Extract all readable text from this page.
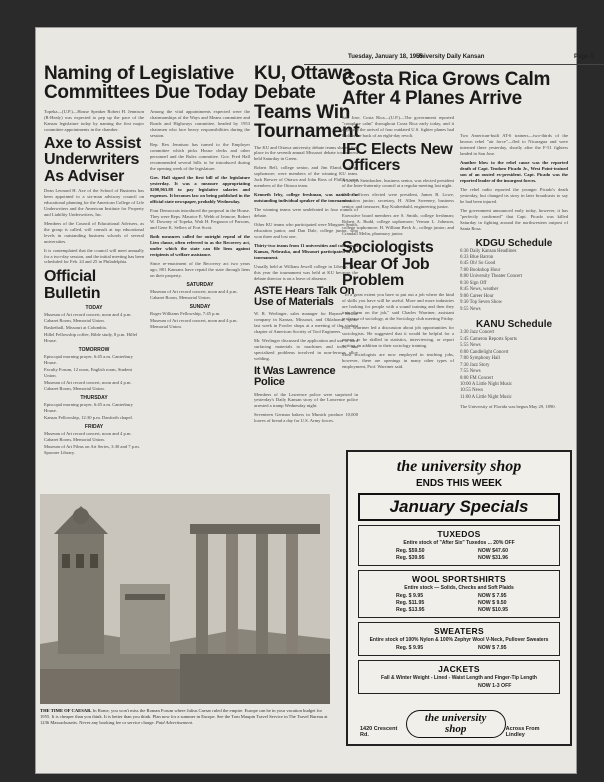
Tuesday, January 18, 1955
University Daily Kansan	Page 3
Naming of Legislative Committees Due Today

Topeka—(U.P.)—House Speaker Robert H. Jennison (R-Healy) was expected to pep up the pace of the Kansas legislature today by naming the first major committee appointments in the chamber.

Axe to Assist Underwriters As Adviser

Dean Leonard H. Axe of the School of Business has been appointed to a six-man advisory council on educational planning for the American College of Life Underwriters and the American Institute for Property and Liability Underwriters, Inc.

Members of the Council of Educational Advisers, as the group is called, will consult at top educational levels in outstanding business schools of several universities.

It is contemplated that the council will meet annually for a two-day session, and the initial meeting has been scheduled for Feb. 24 and 25 in Philadelphia.

Official Bulletin
TODAY
Museum of Art record concert, noon and 4 p.m. Cabaret Room, Memorial Union.
Basketball, Missouri at Columbia.
Hillel Fellowship coffee, Bible study, 8 p.m. Hillel House.
TOMORROW
Episcopal morning prayer, 6:45 a.m. Canterbury House.
Faculty Forum, 12 noon, English room, Student Union.
Museum of Art record concert, noon and 4 p.m. Cabaret Room, Memorial Union.
THURSDAY
Episcopal morning prayer, 6:45 a.m. Canterbury House.
Kansas Fellowship, 12:30 p.m. Danforth chapel.
FRIDAY
Museum of Art record concert, noon and 4 p.m. Cabaret Room, Memorial Union.
Museum of Art Films on Art Series, 3:30 and 7 p.m. Spooner Library.

Among the vital appointments expected were the chairmanships of the Ways and Means committee and Roads and Highways committee, headed by 1953 chairmen who face heavy responsibilities during the session.

Rep. Rex Jennison has turned to the Employer committee which picks House clerks and other personnel and the Rules committee. Gov. Fred Hall recommended several bills to be introduced during the opening week of the legislature.

Gov. Hall signed the first bill of the legislature yesterday. It was a measure appropriating $200,963.88 to pay legislative salaries and expenses. It becomes law on being published in the official state newspaper, probably Wednesday.

Four Democrats introduced the proposal in the House. They were Reps. Maurice E. Webb of Jetmore, Robert W. Downey of Topeka, Walt H. Ferguson of Parsons, and Gene K. Sellers of Fort Scott.

Both measures called for outright repeal of the Lien clause, often referred to as the Recovery act, under which the state can file liens against recipients of welfare assistance.

Since re-enactment of the Recovery act two years ago, 881 Kansans have repaid the state through liens on their property.

SATURDAY
Museum of Art record concert, noon and 4 p.m. Cabaret Room, Memorial Union.
SUNDAY
Roger Williams Fellowship, 7:45 p.m.
Museum of Art record concert, noon and 4 p.m. Memorial Union.
KU, Ottawa Debate Teams Win Tournament

The KU and Ottawa university debate teams shared first place in the seventh annual Missouri debate tournament held Saturday in Green.

Robert Bell, college senior, and Jim Eland, college sophomore, were members of the winning KU team. Jack Brewer of Ottawa and John Ross of Fhillfiz were members of the Ottawa team.

Kenneth Irby, college freshman, was named the outstanding individual speaker of the tournament.

The winning teams were undefeated in four rounds of debate.

Other KU teams who participated were Margaret Smith, education junior, and Dan Dale, college junior, who won three and lost one.

Thirty-two teams from 11 universities and colleges in Kansas, Nebraska, and Missouri participated in the tournament.

Usually held at William Jewell college in Liberty, Mo., this year the tournament was held at KU because the debate director is on a leave of absence.

ASTE Hears Talk On Use of Materials

W. R. Werlinger, sales manager for Haynes Stellite company in Kansas, Missouri, and Oklahoma, spoke last week in Fowler shops at a meeting of the student chapter of American Society of Tool Engineers.

Mr. Werlinger discussed the application and use of hard surfacing materials to machines and tools, and specialized problems involved in non-ferrous alloy welding.

It Was Lawrence Police

Members of the Lawrence police were surprised in yesterday's Daily Kansan story of the Lawrence police arrested a tramp Wednesday night.

Seventeen German bakers in Munich produce 10,000 loaves of bread a day for U.S. Army forces.

Costa Rica Grows Calm After 4 Planes Arrive

San Jose, Costa Rica—(U.P.)—The government reported "complete calm" throughout Costa Rica early today, and it appeared the arrival of four outdated U.S. fighter planes had broken the back of an eight-day revolt.

IFC Elects New Officers

A Joseph Steinbacher, business senior, was elected president of the Inter-fraternity council at a regular meeting last night.

Other officers elected were president, James B. Lowe, education junior; secretary, H. Allen Sweeney, business senior; and treasurer, Ray Krahenbuhl, engineering junior.

Executive board members are S. Smith, college freshman; Robert A. Budd, college sophomore; Vernon L. Johnson, college sophomore; H. William Beck Jr., college junior; and Crandall Melin, pharmacy junior.

Sociologists Hear Of Job Problem

"To a great extent you have to put out a job where the kind of skills you have will be useful. More and more industries are looking for people with a sound training and then they train them on the job," said Charles Warriner, assistant professor of sociology, at the Sociology club meeting Friday.

Prof. Warriner led a discussion about job opportunities for sociologists. He suggested that it would be helpful for a person to be skilled in statistics, interviewing, or report writing, in addition to their sociology training.

Most sociologists are now employed in teaching jobs, however, there are openings in many other types of employment, Prof. Warriner said.

Two American-built AT-6 trainers—two-thirds of the known rebel "air force"—fled to Nicaragua and were interned there yesterday, shortly after the F-51 fighters landed in San Jose.

Another blow to the rebel cause was the reported death of Capt. Teodoro Picado Jr., West Point-trained son of an ousted ex-president. Capt. Picado was the reported leader of the insurgent forces.

The rebel radio reported the younger Picado's death yesterday, but changed its story in later broadcasts to say he had been injured.

The government announced early today, however, it has "perfectly confirmed" that Capt. Picado was killed Saturday in fighting around the northwestern outpost of Santa Rosa.

KDGU Schedule
6:30 Daily Kansan Headlines
6:33 Blue Barron
6:45 Oh! So Good
7:00 Bookshop Hour
8:00 University Theater Concert
8:30 Sign Off
8:45 News, weather
9:00 Career Hour
9:30 Top Seven Show
9:55 News
KANU Schedule
3:30 Jazz Concert
5:45 Cameron Reports Sports
5:55 News
6:00 Candlelight Concert
7:00 Symphony Hall
7:30 Jazz Story
7:55 News
8:00 FM Concert
10:00 A Little Night Music
10:55 News
11:00 A Little Night Music

The University of Florida was begun May 29, 1890.

THE TIME OF CAESAR. In Rome, you won't miss the Roman Forum where Julius Caesar ruled the empire. Europe can be in your vacation budget for 1955. It is cheaper than you think. It is better than you think. Plan now for a summer in Europe. See the Tom Maupin Travel Service in The Travel Bureau at 1236 Massachusetts. Never any booking fee or service charge. Paid Advertisement.
the university shop
ENDS THIS WEEK
January Specials
TUXEDOS
Entire stock of "After Six" Tuxedos ... 20% OFF
Reg. $59.50	NOW $47.60
Reg. $39.95	NOW $31.96
WOOL SPORTSHIRTS
Entire stock — Solids, Checks and Soft Plaids
Reg. $ 9.95	NOW $ 7.95
Reg. $11.95	NOW $ 9.50
Reg. $13.95	NOW $10.95
SWEATERS
Entire stock of 100% Nylon & 100% Zephyr Wool V-Neck, Pullover Sweaters
Reg. $ 9.95	NOW $ 7.95
JACKETS
Fall & Winter Weight - Lined - Waist Length and Finger-Tip Length
NOW 1-3 OFF
1420 Crescent Rd.
the university shop	Across From Lindley
